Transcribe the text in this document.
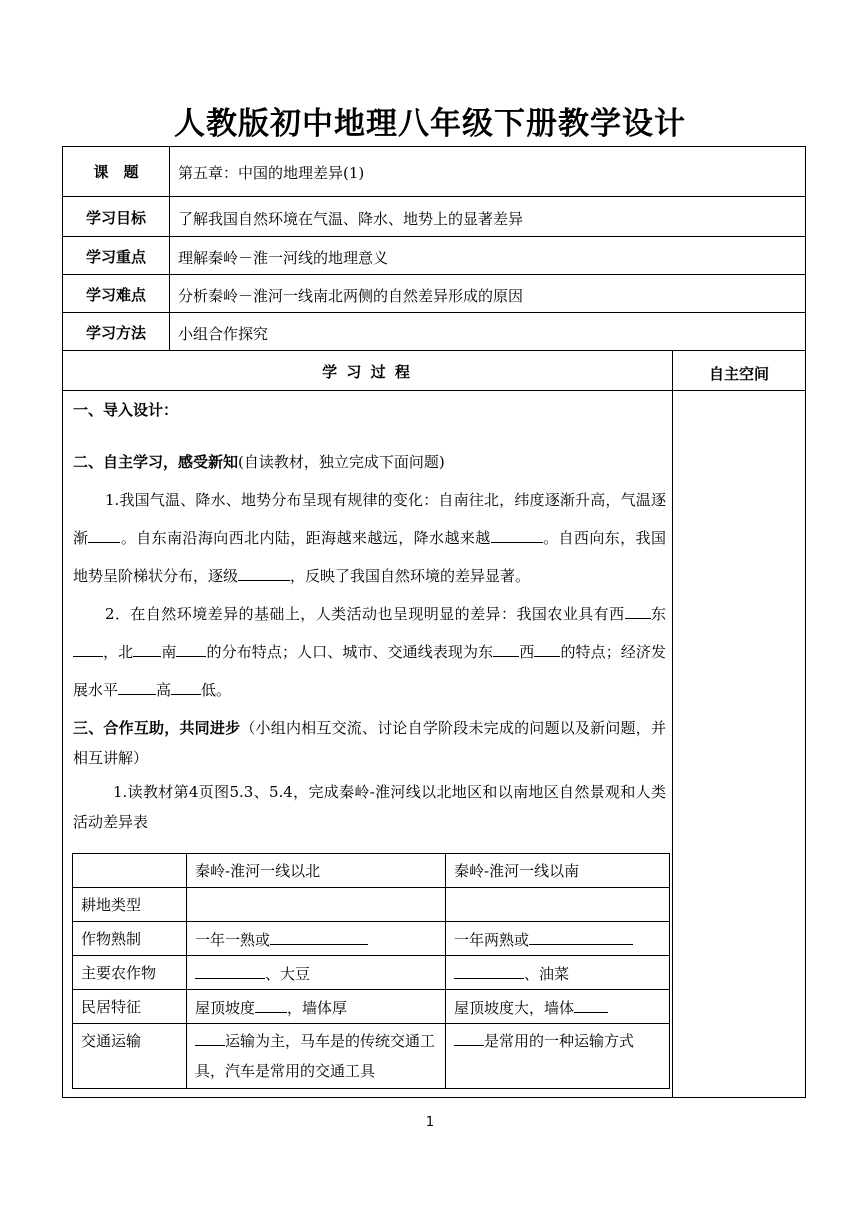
人教版初中地理八年级下册教学设计
课　题	第五章：中国的地理差异(1)
学习目标	了解我国自然环境在气温、降水、地势上的显著差异
学习重点	理解秦岭－淮一河线的地理意义
学习难点	分析秦岭－淮河一线南北两侧的自然差异形成的原因
学习方法	小组合作探究
学 习 过 程	自主空间

一、导入设计：

二、自主学习，感受新知(自读教材，独立完成下面问题)

1.我国气温、降水、地势分布呈现有规律的变化：自南往北，纬度逐渐升高，气温逐渐 。自东南沿海向西北内陆，距海越来越远，降水越来越	。自西向东，我国地势呈阶梯状分布，逐级	，反映了我国自然环境的差异显著。

2．在自然环境差异的基础上，人类活动也呈现明显的差异：我国农业具有西 东，北 南 的分布特点；人口、城市、交通线表现为东 西 的特点；经济发展水平	高 低。

三、合作互助，共同进步（小组内相互交流、讨论自学阶段未完成的问题以及新问题，并相互讲解）

1.读教材第4页图5.3、5.4，完成秦岭-淮河线以北地区和以南地区自然景观和人类活动差异表

	秦岭-淮河一线以北	秦岭-淮河一线以南
耕地类型		
作物熟制	一年一熟或	一年两熟或
主要农作物	、大豆	、油菜
民居特征	屋顶坡度 ，墙体厚	屋顶坡度大，墙体
交通运输	运输为主，马车是的传统交通工具，汽车是常用的交通工具	是常用的一种运输方式
1
